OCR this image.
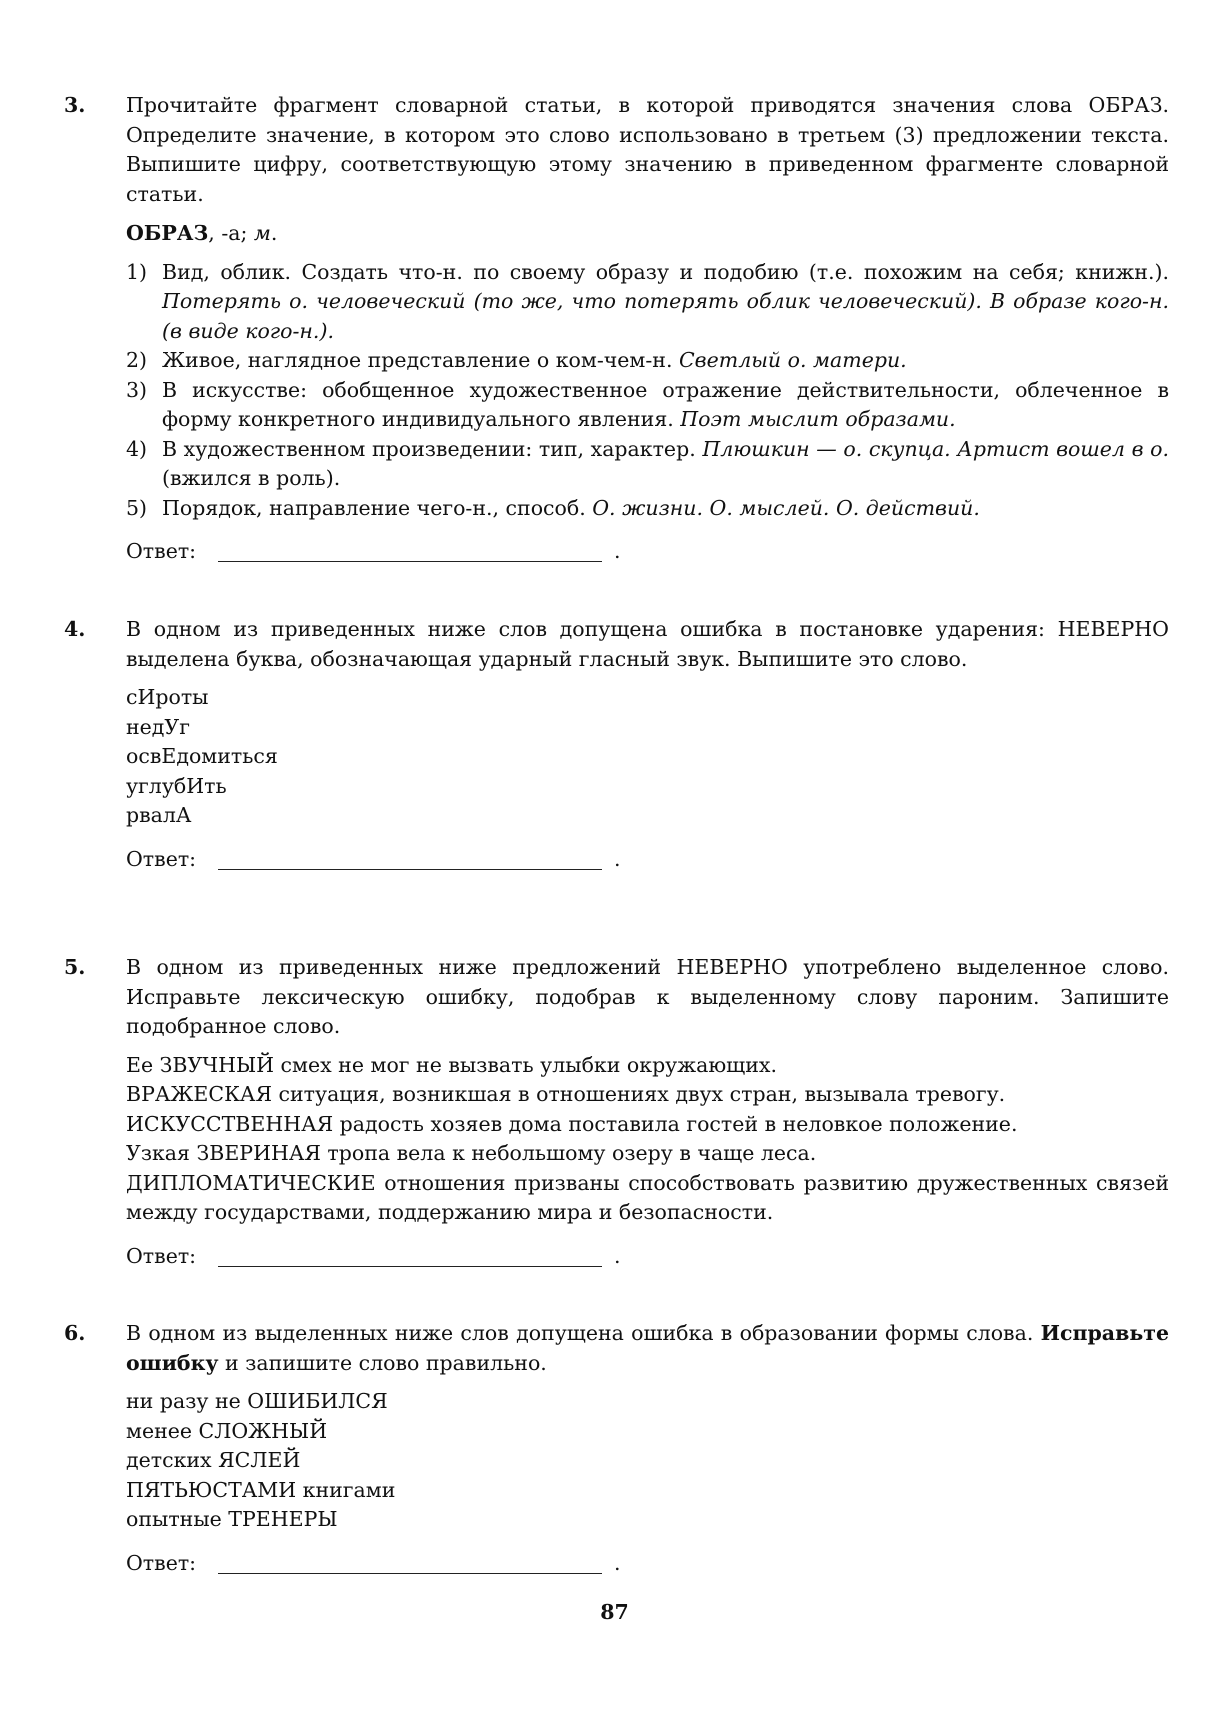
3. Прочитайте фрагмент словарной статьи, в которой приводятся значения слова ОБРАЗ. Определите значение, в котором это слово использовано в третьем (3) предложении текста. Выпишите цифру, соответствующую этому значению в приведенном фрагменте словарной статьи.
ОБРАЗ, -а; м.
1) Вид, облик. Создать что-н. по своему образу и подобию (т.е. похожим на себя; книжн.). Потерять о. человеческий (то же, что потерять облик человеческий). В образе кого-н. (в виде кого-н.).
2) Живое, наглядное представление о ком-чем-н. Светлый о. матери.
3) В искусстве: обобщенное художественное отражение действительности, облеченное в форму конкретного индивидуального явления. Поэт мыслит образами.
4) В художественном произведении: тип, характер. Плюшкин — о. скупца. Артист вошел в о. (вжился в роль).
5) Порядок, направление чего-н., способ. О. жизни. О. мыслей. О. действий.
Ответ:	.
4. В одном из приведенных ниже слов допущена ошибка в постановке ударения: НЕВЕРНО выделена буква, обозначающая ударный гласный звук. Выпишите это слово.
сИроты
недУг
освЕдомиться
углубИть
рвалА
Ответ:	.
5. В одном из приведенных ниже предложений НЕВЕРНО употреблено выделенное слово. Исправьте лексическую ошибку, подобрав к выделенному слову пароним. Запишите подобранное слово.
Ее ЗВУЧНЫЙ смех не мог не вызвать улыбки окружающих.
ВРАЖЕСКАЯ ситуация, возникшая в отношениях двух стран, вызывала тревогу.
ИСКУССТВЕННАЯ радость хозяев дома поставила гостей в неловкое положение.
Узкая ЗВЕРИНАЯ тропа вела к небольшому озеру в чаще леса.
ДИПЛОМАТИЧЕСКИЕ отношения призваны способствовать развитию дружественных связей между государствами, поддержанию мира и безопасности.
Ответ:	.
6. В одном из выделенных ниже слов допущена ошибка в образовании формы слова. Исправьте ошибку и запишите слово правильно.
ни разу не ОШИБИЛСЯ
менее СЛОЖНЫЙ
детских ЯСЛЕЙ
ПЯТЬЮСТАМИ книгами
опытные ТРЕНЕРЫ
Ответ:	.
87
